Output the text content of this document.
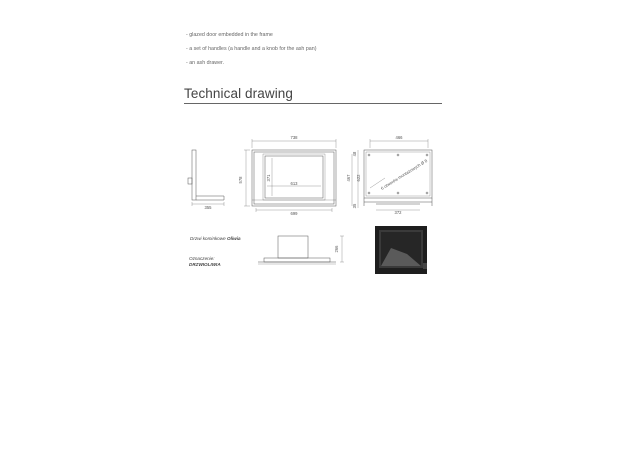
- glazed door embedded in the frame
- a set of handles (a handle and a knob for the ash pan)
- an ash drawer.
Technical drawing
738
578	613
371
699
355
466
467
48
622
35
372
266
6 otworów montażowych Ø 8
Drzwi kominkowe Oliwia
Oznaczenie:
DRZWIOLIWIA
